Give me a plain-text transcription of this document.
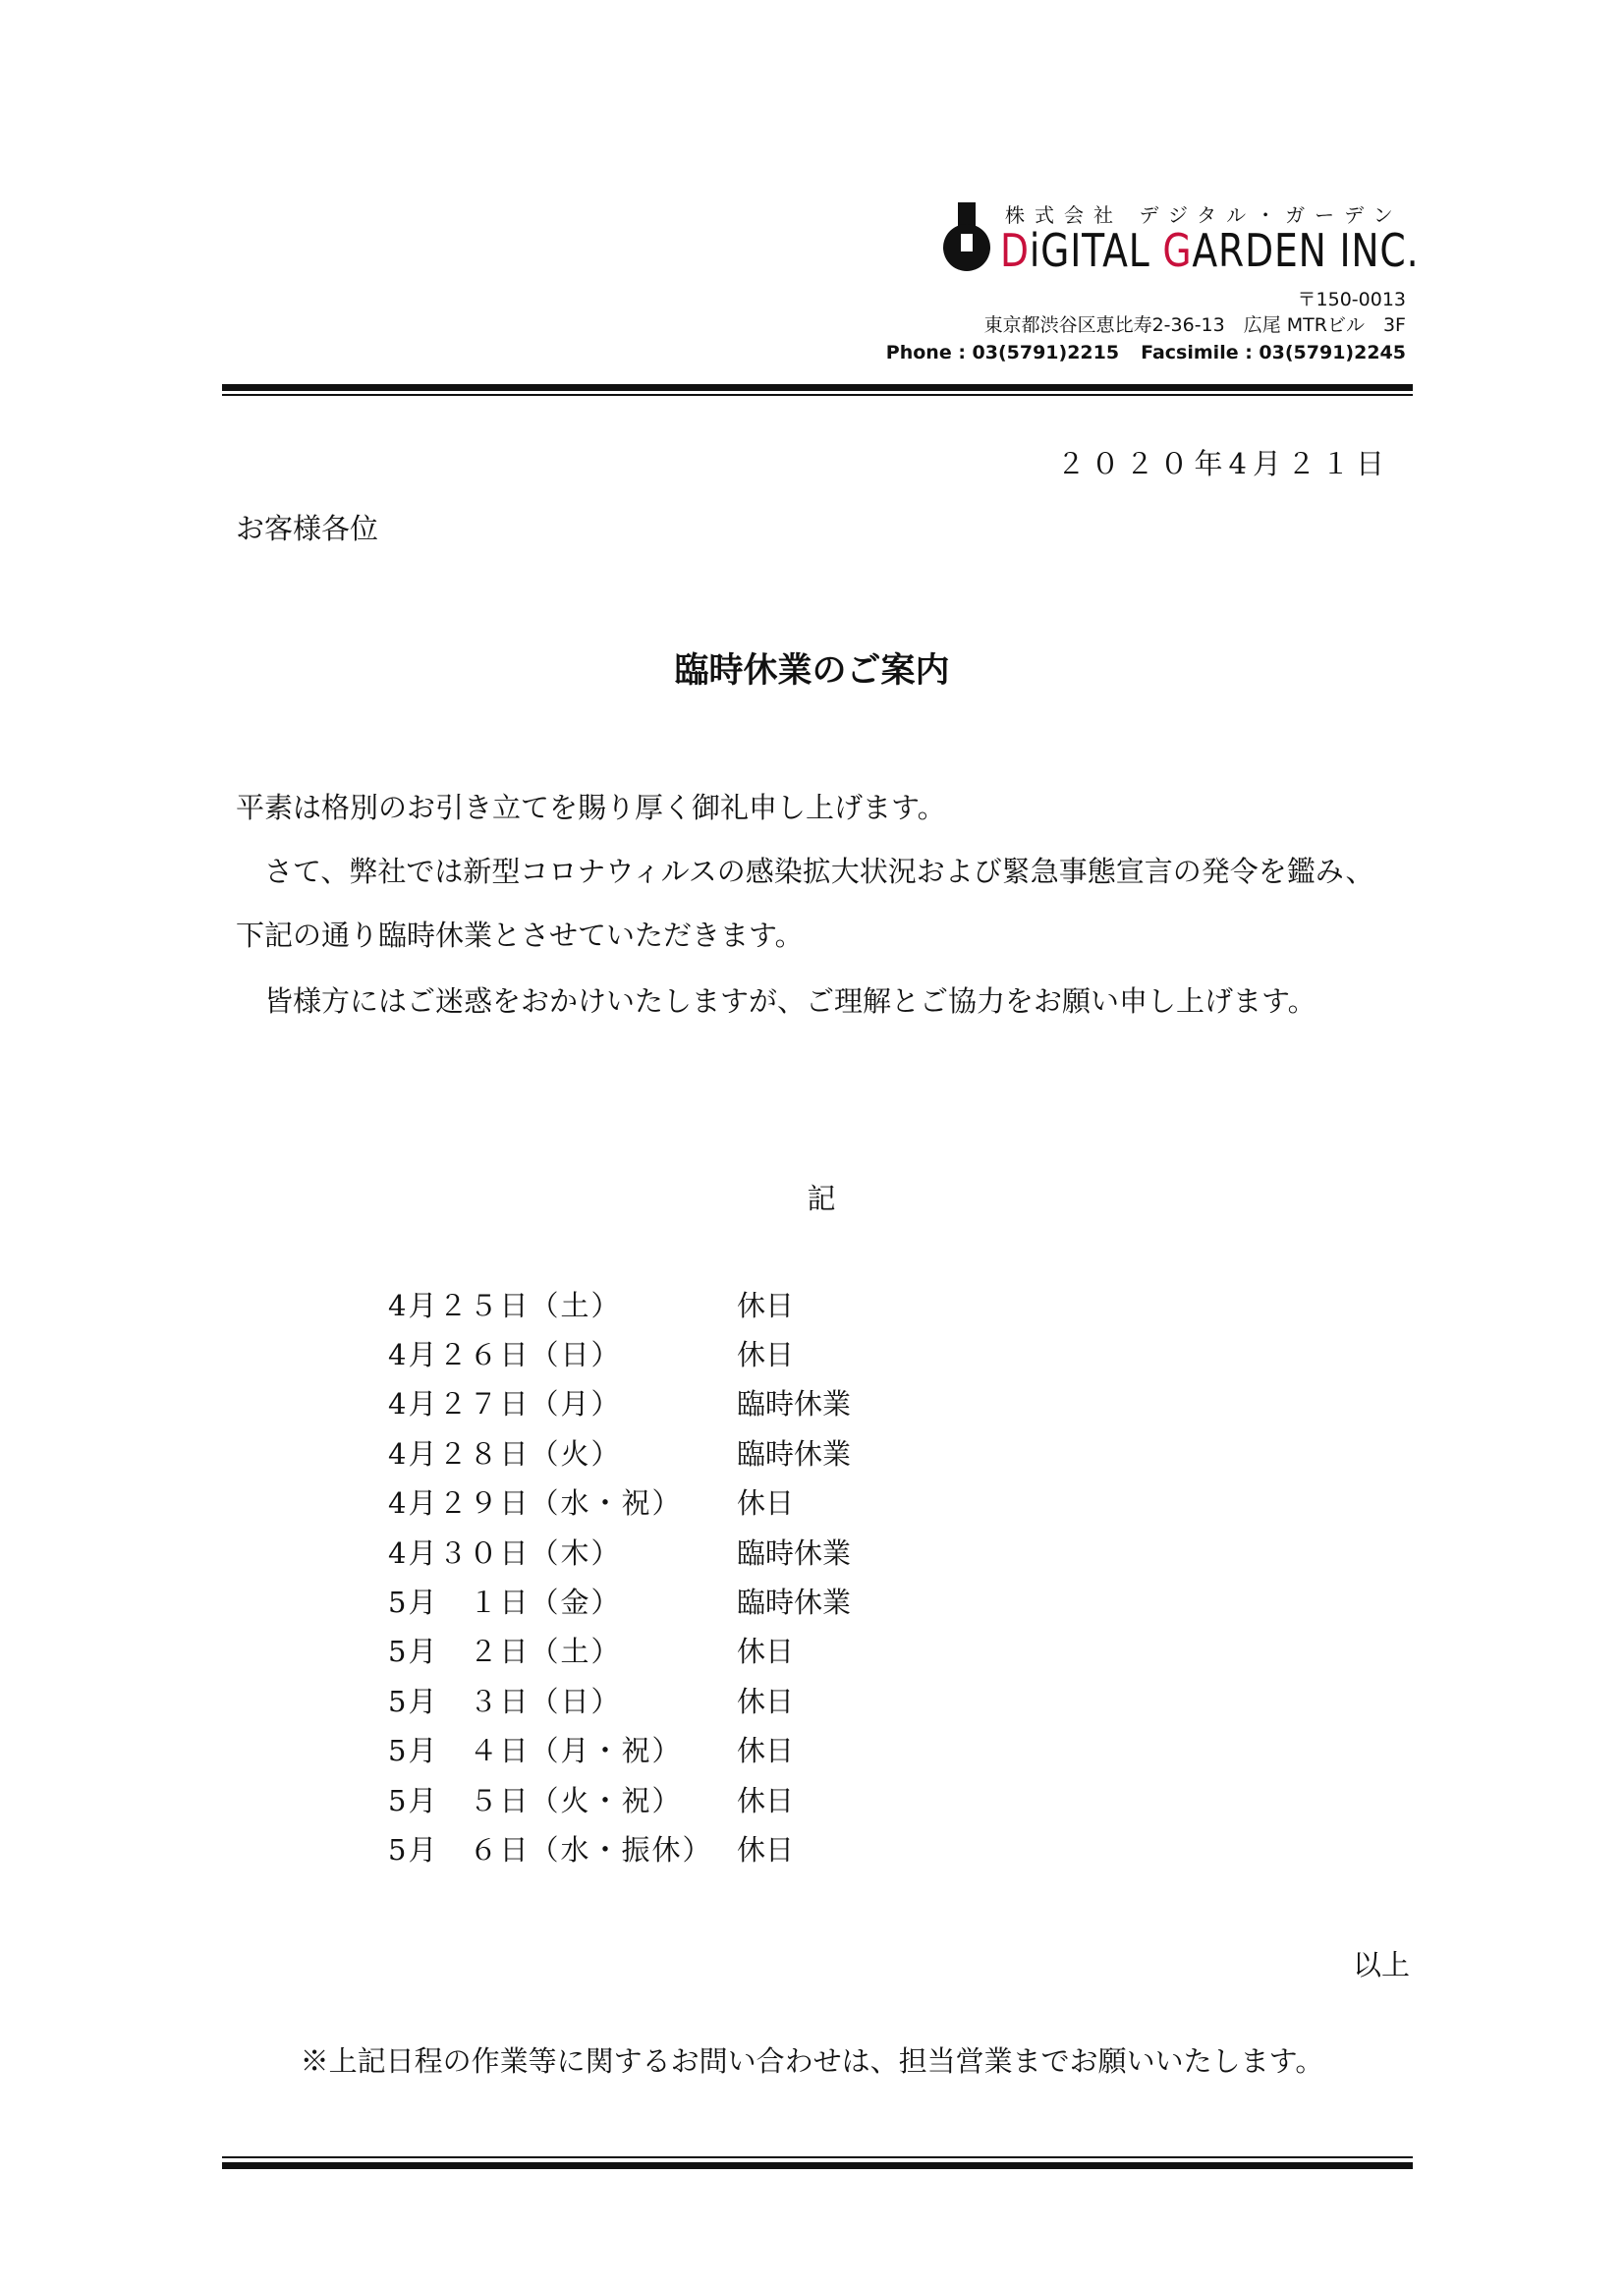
株式会社 デジタル・ガーデン
DiGITAL GARDEN INC.
〒150-0013
東京都渋谷区恵比寿2-36-13　広尾 MTRビル　3F
Phone : 03(5791)2215 Facsimile : 03(5791)2245
２０２０年4月２１日
お客様各位
臨時休業のご案内
平素は格別のお引き立てを賜り厚く御礼申し上げます。
　さて、弊社では新型コロナウィルスの感染拡大状況および緊急事態宣言の発令を鑑み、
下記の通り臨時休業とさせていただきます。
　皆様方にはご迷惑をおかけいたしますが、ご理解とご協力をお願い申し上げます。
記
4月２５日（土）	休日
4月２６日（日）	休日
4月２７日（月）	臨時休業
4月２８日（火）	臨時休業
4月２９日（水・祝）	休日
4月３０日（木）	臨時休業
5月　１日（金）	臨時休業
5月　２日（土）	休日
5月　３日（日）	休日
5月　４日（月・祝）	休日
5月　５日（火・祝）	休日
5月　６日（水・振休） 休日
以上
※上記日程の作業等に関するお問い合わせは、担当営業までお願いいたします。
